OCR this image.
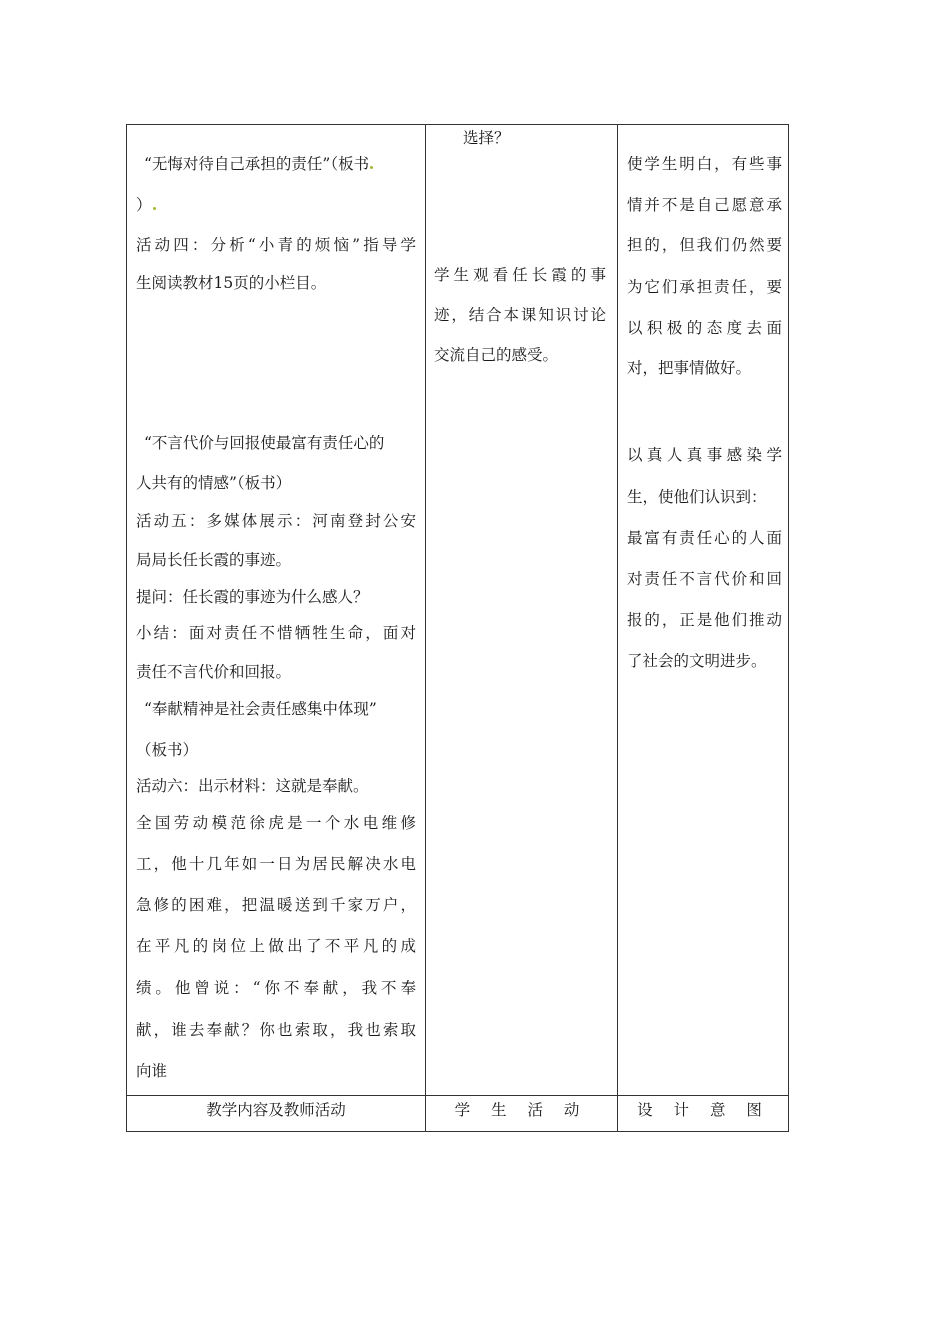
“无悔对待自己承担的责任”（板书
）
活动四：分析“小青的烦恼”指导学
生阅读教材15页的小栏目。
“不言代价与回报使最富有责任心的
人共有的情感”（板书）
活动五：多媒体展示：河南登封公安
局局长任长霞的事迹。
提问：任长霞的事迹为什么感人？
小结：面对责任不惜牺牲生命，面对
责任不言代价和回报。
“奉献精神是社会责任感集中体现”
（板书）
活动六：出示材料：这就是奉献。
全国劳动模范徐虎是一个水电维修
工，他十几年如一日为居民解决水电
急修的困难，把温暖送到千家万户，
在平凡的岗位上做出了不平凡的成
绩。他曾说：“你不奉献，我不奉
献，谁去奉献？你也索取，我也索取
向谁
选择？
学生观看任长霞的事
迹，结合本课知识讨论
交流自己的感受。
使学生明白，有些事
情并不是自己愿意承
担的，但我们仍然要
为它们承担责任，要
以积极的态度去面
对，把事情做好。
以真人真事感染学
生，使他们认识到：
最富有责任心的人面
对责任不言代价和回
报的，正是他们推动
了社会的文明进步。
教学内容及教师活动	学 生 活 动	设 计 意 图
